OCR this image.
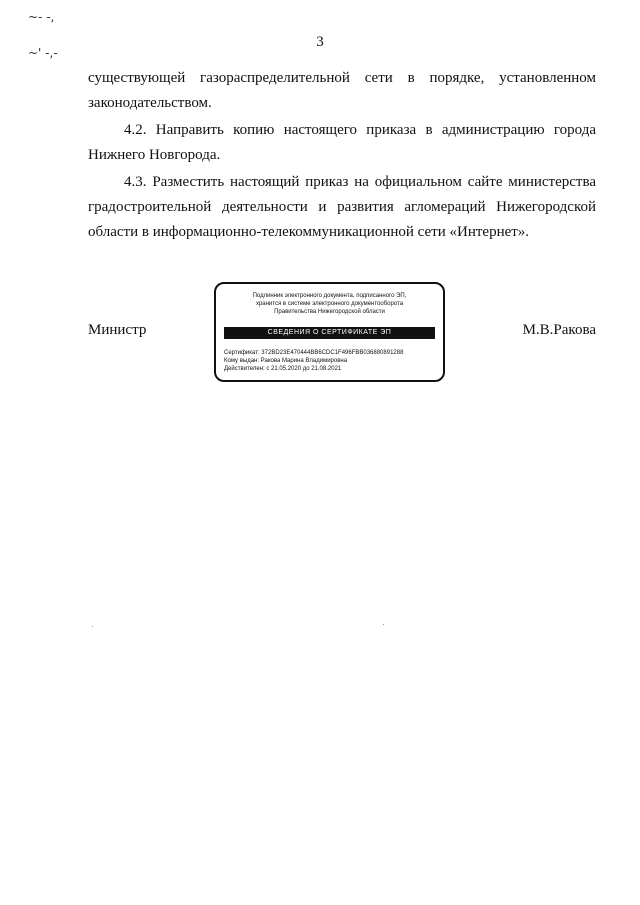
~- -,
~' -,-
3
существующей газораспределительной сети в порядке, установленном
законодательством.
4.2. Направить копию настоящего приказа в администрацию города
Нижнего Новгорода.
4.3. Разместить настоящий приказ на официальном сайте министерства
градостроительной деятельности и развития агломераций Нижегородской
области в информационно-телекоммуникационной сети «Интернет».
Министр	М.В.Ракова
Подлинник электронного документа, подписанного ЭП,
хранится в системе электронного документооборота
Правительства Нижегородской области
СВЕДЕНИЯ О СЕРТИФИКАТЕ ЭП
Сертификат: 372BD23E470444BB6CDC1F496FBB036880891288
Кому выдан: Ракова Марина Владимировна
Действителен: с 21.05.2020 до 21.08.2021
